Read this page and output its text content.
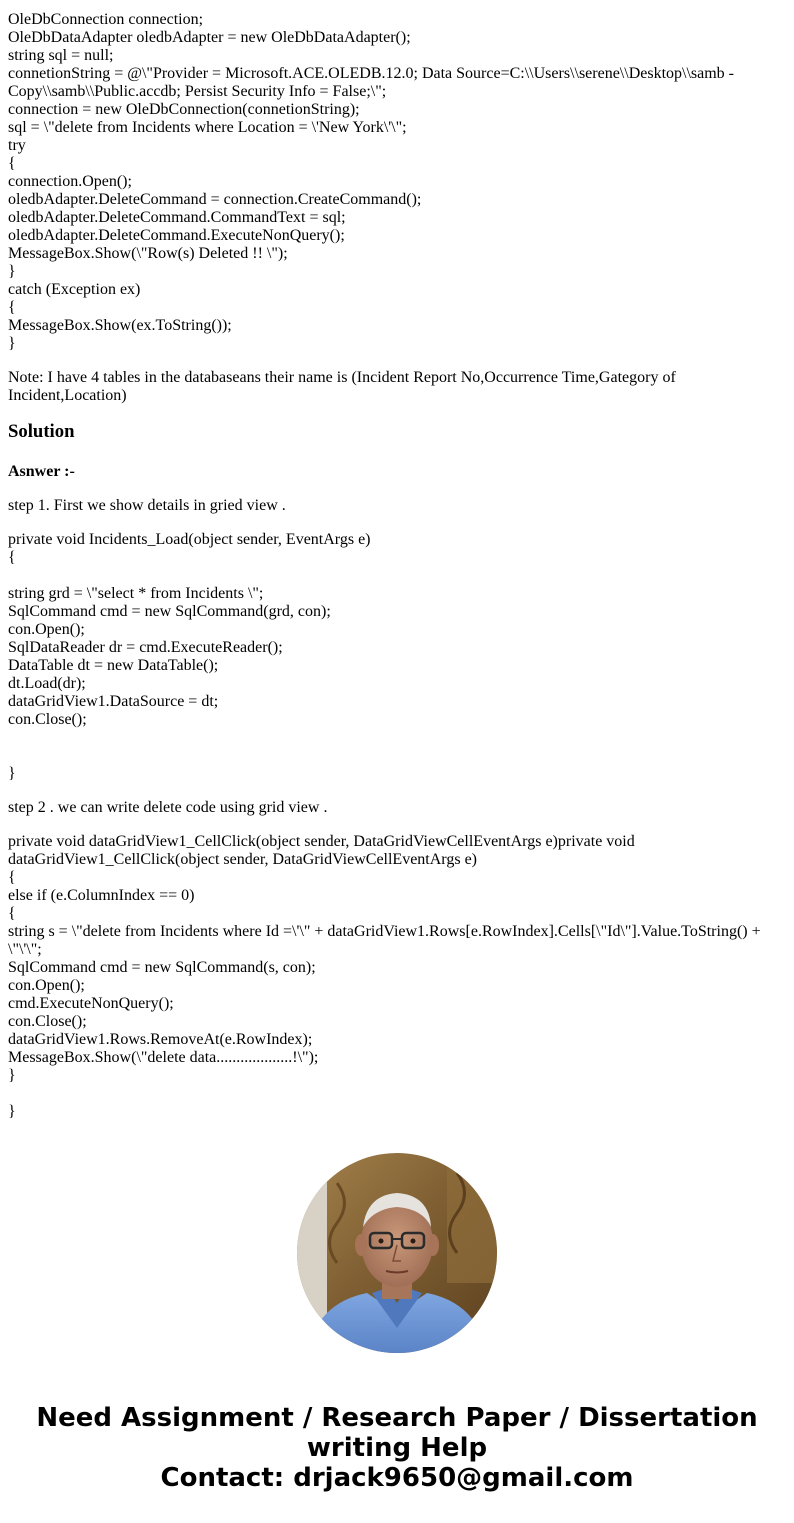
OleDbConnection connection;
OleDbDataAdapter oledbAdapter = new OleDbDataAdapter();
string sql = null;
connetionString = @\"Provider = Microsoft.ACE.OLEDB.12.0; Data Source=C:\\Users\\serene\\Desktop\\samb - Copy\\samb\\Public.accdb; Persist Security Info = False;\";
connection = new OleDbConnection(connetionString);
sql = \"delete from Incidents where Location = \'New York\'\";
try
{
connection.Open();
oledbAdapter.DeleteCommand = connection.CreateCommand();
oledbAdapter.DeleteCommand.CommandText = sql;
oledbAdapter.DeleteCommand.ExecuteNonQuery();
MessageBox.Show(\"Row(s) Deleted !! \");
}
catch (Exception ex)
{
MessageBox.Show(ex.ToString());
}
Note: I have 4 tables in the databaseans their name is (Incident Report No,Occurrence Time,Gategory of Incident,Location)
Solution
Asnwer :-
step 1. First we show details in gried view .
private void Incidents_Load(object sender, EventArgs e)
{
string grd = \"select * from Incidents \";
SqlCommand cmd = new SqlCommand(grd, con);
con.Open();
SqlDataReader dr = cmd.ExecuteReader();
DataTable dt = new DataTable();
dt.Load(dr);
dataGridView1.DataSource = dt;
con.Close();
}
step 2 . we can write delete code using grid view .
private void dataGridView1_CellClick(object sender, DataGridViewCellEventArgs e)private void dataGridView1_CellClick(object sender, DataGridViewCellEventArgs e)
{
else if (e.ColumnIndex == 0)
{
string s = \"delete from Incidents where Id =\'\" + dataGridView1.Rows[e.RowIndex].Cells[\"Id\"].Value.ToString() + \"\'\";
SqlCommand cmd = new SqlCommand(s, con);
con.Open();
cmd.ExecuteNonQuery();
con.Close();
dataGridView1.Rows.RemoveAt(e.RowIndex);
MessageBox.Show(\"delete data...................!\");
}
}
Need Assignment / Research Paper / Dissertation
writing Help
Contact: drjack9650@gmail.com
